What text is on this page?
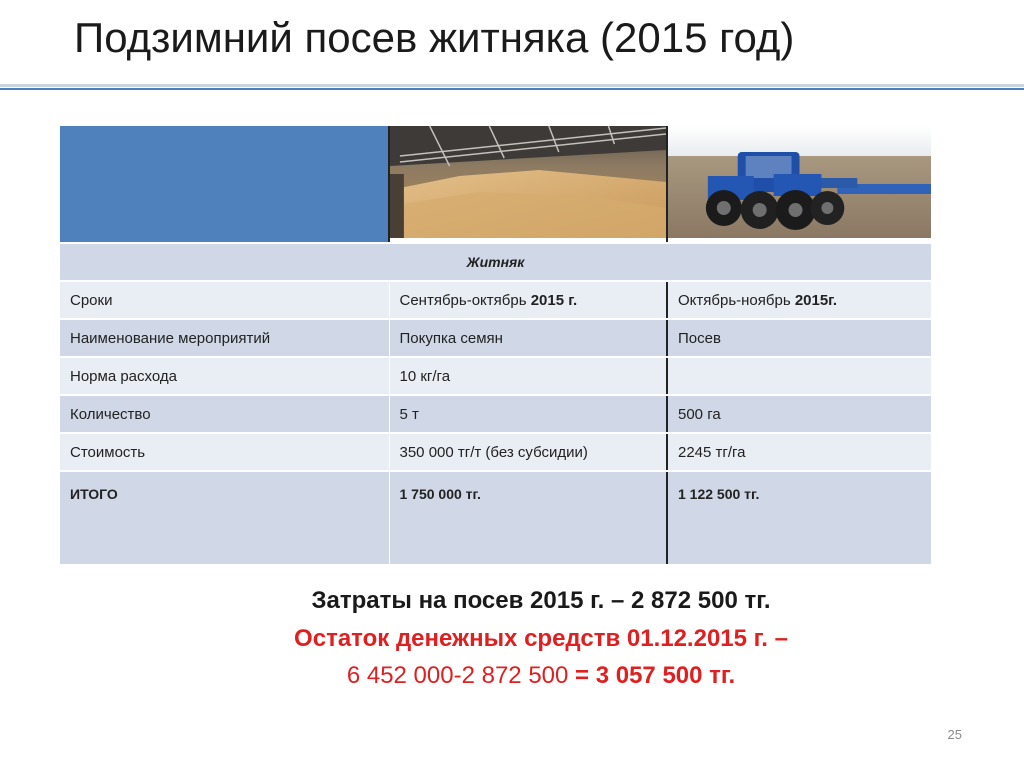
Подзимний посев житняка (2015 год)

Житняк		
Сроки	Сентябрь-октябрь 2015 г.	Октябрь-ноябрь 2015г.
Наименование мероприятий	Покупка семян	Посев
Норма расхода	10 кг/га	
Количество	5 т	500 га
Стоимость	350 000 тг/т (без субсидии)	2245 тг/га
ИТОГО	1 750 000 тг.	1 122 500 тг.
Затраты на посев 2015 г. – 2 872 500 тг.
Остаток денежных средств 01.12.2015 г. –
6 452 000-2 872 500 = 3 057 500 тг.
25
